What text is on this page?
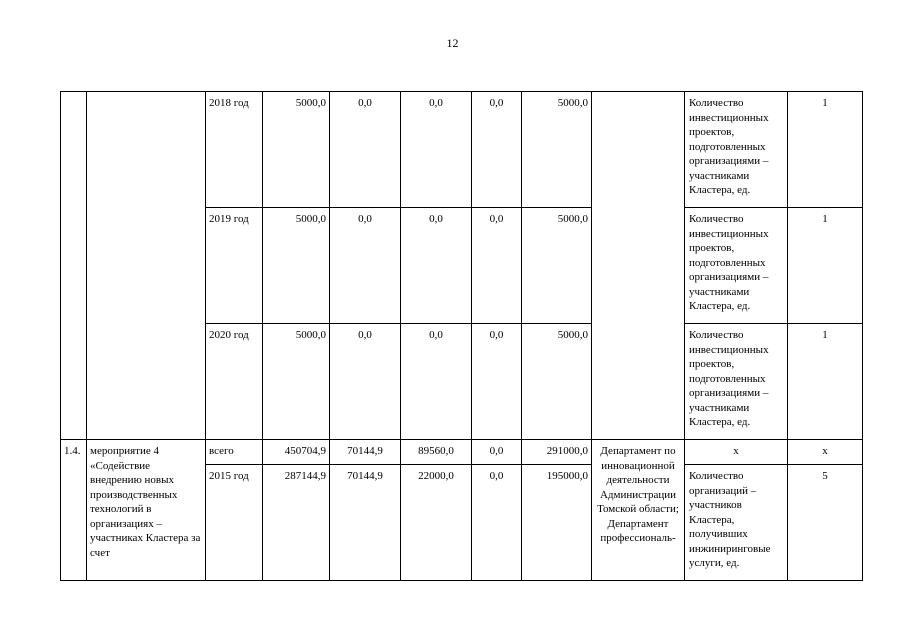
12
		2018 год	5000,0	0,0	0,0	0,0	5000,0		Количество инвестиционных проектов, подготовленных организациями – участниками Кластера, ед.	1
		2019 год	5000,0	0,0	0,0	0,0	5000,0		Количество инвестиционных проектов, подготовленных организациями – участниками Кластера, ед.	1
		2020 год	5000,0	0,0	0,0	0,0	5000,0		Количество инвестиционных проектов, подготовленных организациями – участниками Кластера, ед.	1
1.4.	мероприятие 4 «Содействие внедрению новых производственных технологий в организациях – участниках Кластера за счет	всего	450704,9	70144,9	89560,0	0,0	291000,0	Департамент по инновационной деятельности Администрации Томской области; Департамент профессиональ-	х	х
		2015 год	287144,9	70144,9	22000,0	0,0	195000,0		Количество организаций – участников Кластера, получивших инжиниринговые услуги, ед.	5
